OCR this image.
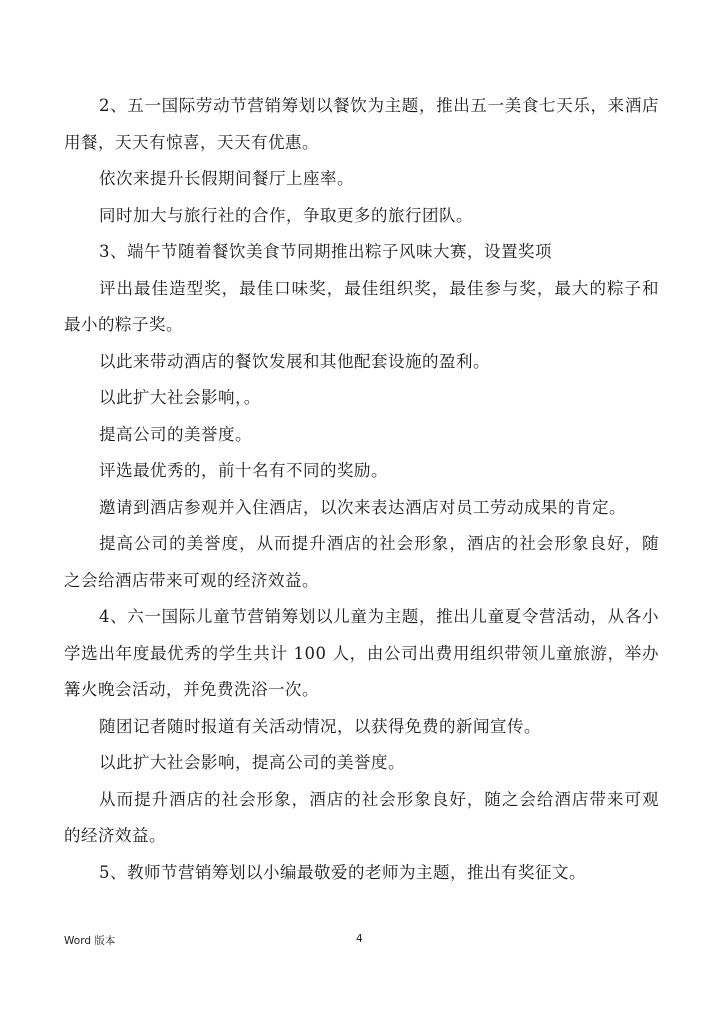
2、五一国际劳动节营销筹划以餐饮为主题，推出五一美食七天乐，来酒店用餐，天天有惊喜，天天有优惠。

依次来提升长假期间餐厅上座率。

同时加大与旅行社的合作，争取更多的旅行团队。

3、端午节随着餐饮美食节同期推出粽子风味大赛，设置奖项

评出最佳造型奖，最佳口味奖，最佳组织奖，最佳参与奖，最大的粽子和最小的粽子奖。

以此来带动酒店的餐饮发展和其他配套设施的盈利。

以此扩大社会影响，。

提高公司的美誉度。

评选最优秀的，前十名有不同的奖励。

邀请到酒店参观并入住酒店，以次来表达酒店对员工劳动成果的肯定。

提高公司的美誉度，从而提升酒店的社会形象，酒店的社会形象良好，随之会给酒店带来可观的经济效益。

4、六一国际儿童节营销筹划以儿童为主题，推出儿童夏令营活动，从各小学选出年度最优秀的学生共计 100 人，由公司出费用组织带领儿童旅游，举办篝火晚会活动，并免费洗浴一次。

随团记者随时报道有关活动情况，以获得免费的新闻宣传。

以此扩大社会影响，提高公司的美誉度。

从而提升酒店的社会形象，酒店的社会形象良好，随之会给酒店带来可观的经济效益。

5、教师节营销筹划以小编最敬爱的老师为主题，推出有奖征文。

Word 版本	4
